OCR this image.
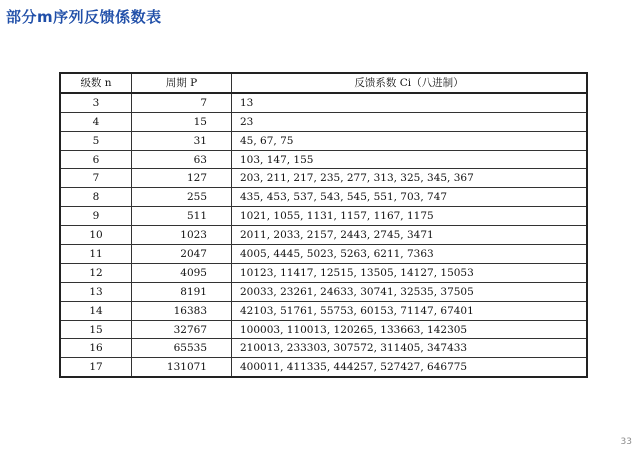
部分m序列反馈係数表
级数 n	周期 P	反馈系数 Ci（八进制）
3	7	13
4	15	23
5	31	45, 67, 75
6	63	103, 147, 155
7	127	203, 211, 217, 235, 277, 313, 325, 345, 367
8	255	435, 453, 537, 543, 545, 551, 703, 747
9	511	1021, 1055, 1131, 1157, 1167, 1175
10	1023	2011, 2033, 2157, 2443, 2745, 3471
11	2047	4005, 4445, 5023, 5263, 6211, 7363
12	4095	10123, 11417, 12515, 13505, 14127, 15053
13	8191	20033, 23261, 24633, 30741, 32535, 37505
14	16383	42103, 51761, 55753, 60153, 71147, 67401
15	32767	100003, 110013, 120265, 133663, 142305
16	65535	210013, 233303, 307572, 311405, 347433
17	131071	400011, 411335, 444257, 527427, 646775
33
